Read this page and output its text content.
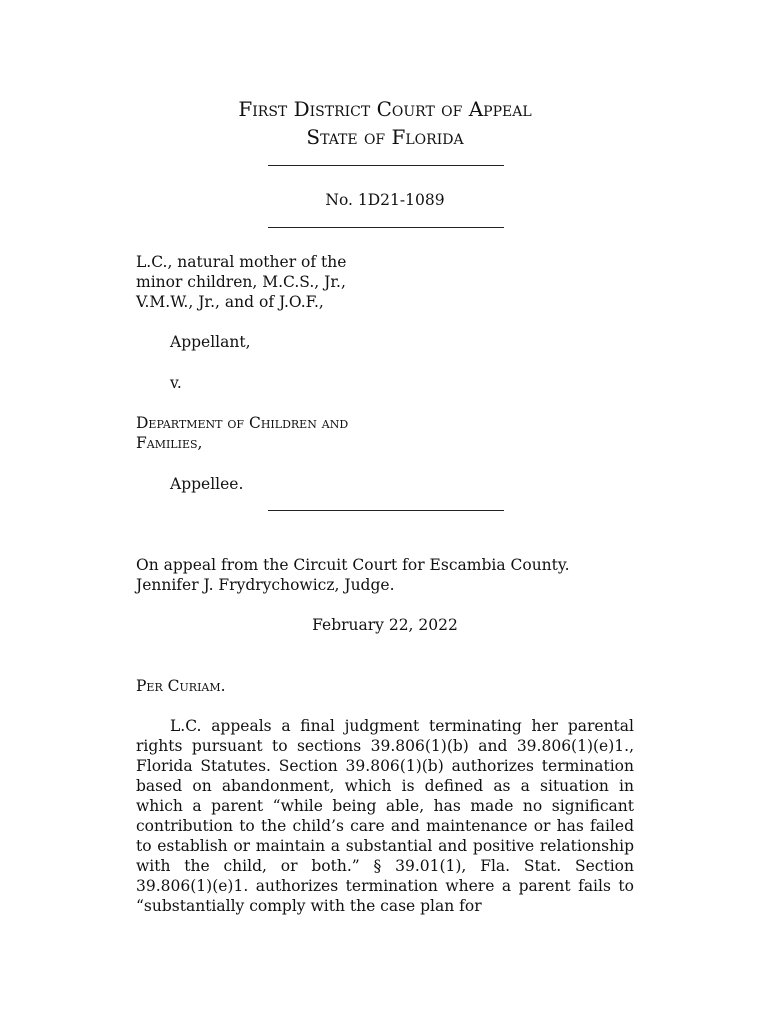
First District Court of Appeal
State of Florida
No. 1D21-1089
L.C., natural mother of the
minor children, M.C.S., Jr.,
V.M.W., Jr., and of J.O.F.,
Appellant,
v.
Department of Children and
Families,
Appellee.
On appeal from the Circuit Court for Escambia County.
Jennifer J. Frydrychowicz, Judge.
February 22, 2022
Per Curiam.

L.C. appeals a final judgment terminating her parental rights pursuant to sections 39.806(1)(b) and 39.806(1)(e)1., Florida Statutes. Section 39.806(1)(b) authorizes termination based on abandonment, which is defined as a situation in which a parent “while being able, has made no significant contribution to the child’s care and maintenance or has failed to establish or maintain a substantial and positive relationship with the child, or both.” § 39.01(1), Fla. Stat. Section 39.806(1)(e)1. authorizes termination where a parent fails to “substantially comply with the case plan for
